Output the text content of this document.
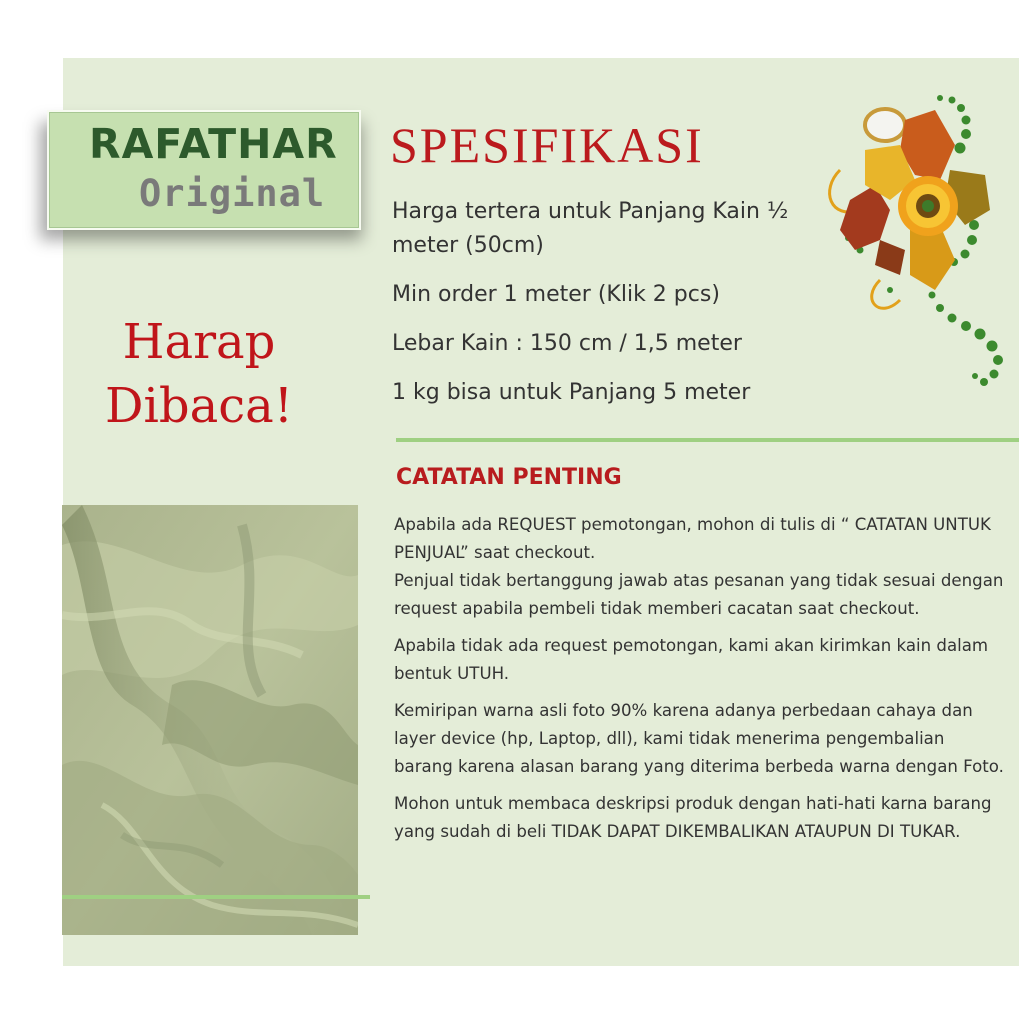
RAFATHAR
Original
Harap
Dibaca!
SPESIFIKASI
Harga tertera untuk Panjang Kain ½ meter (50cm)
Min order 1 meter (Klik 2 pcs)
Lebar Kain : 150 cm / 1,5 meter
1 kg bisa untuk Panjang 5 meter
CATATAN PENTING

Apabila ada REQUEST pemotongan, mohon di tulis di “ CATATAN UNTUK PENJUAL” saat checkout.
Penjual tidak bertanggung jawab atas pesanan yang tidak sesuai dengan request apabila pembeli tidak memberi cacatan saat checkout.

Apabila tidak ada request pemotongan, kami akan kirimkan kain dalam bentuk UTUH.

Kemiripan warna asli foto 90% karena adanya perbedaan cahaya dan layer device (hp, Laptop, dll), kami tidak menerima pengembalian barang karena alasan barang yang diterima berbeda warna dengan Foto.

Mohon untuk membaca deskripsi produk dengan hati-hati karna barang yang sudah di beli TIDAK DAPAT DIKEMBALIKAN ATAUPUN DI TUKAR.
